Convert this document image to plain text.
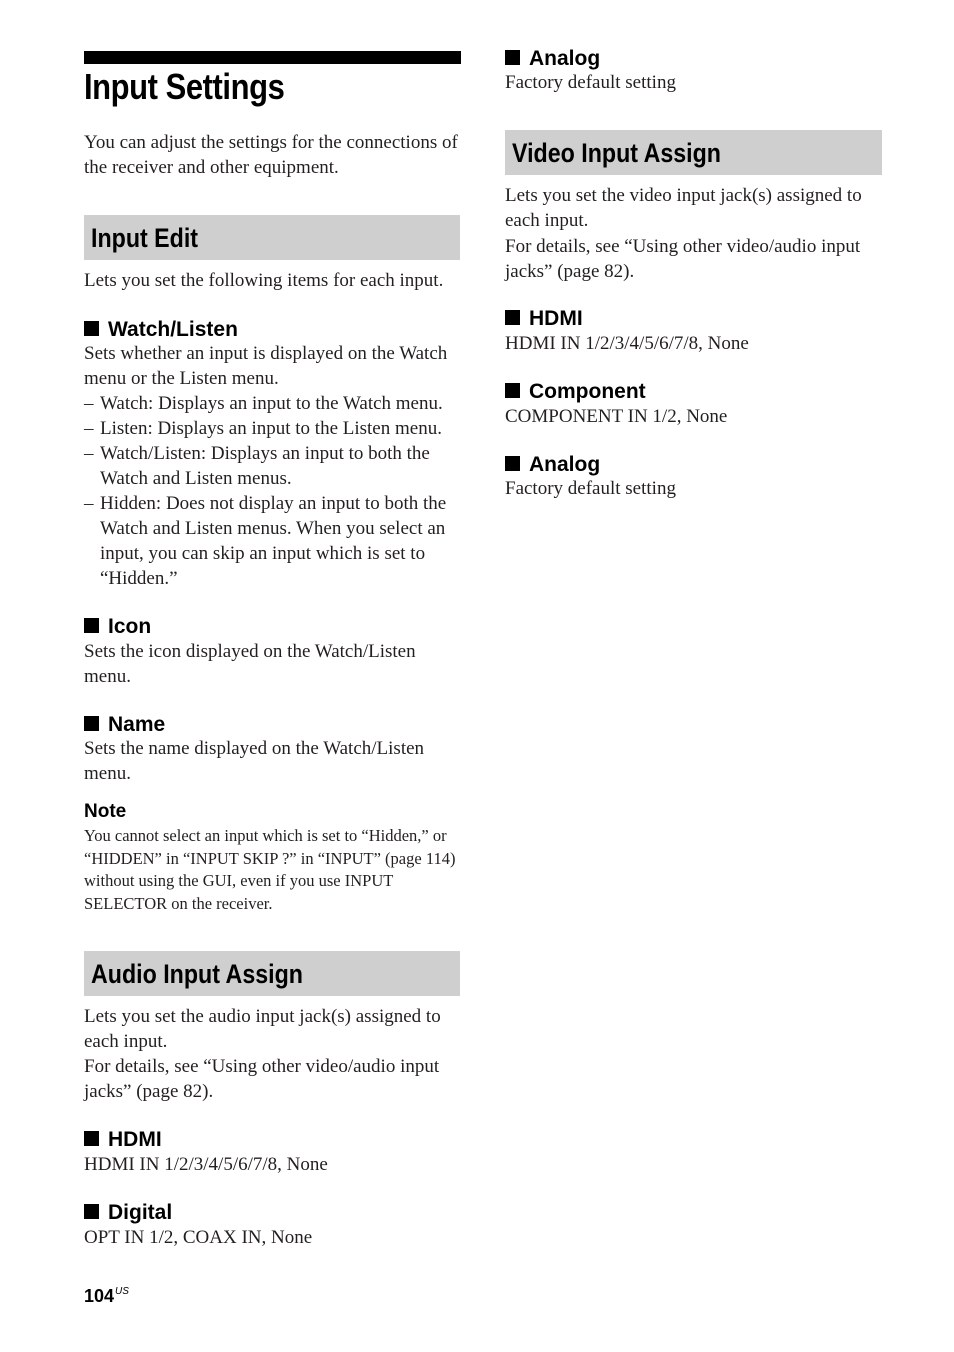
Input Settings

You can adjust the settings for the connections of the receiver and other equipment.

Input Edit

Lets you set the following items for each input.

Watch/Listen

Sets whether an input is displayed on the Watch menu or the Listen menu.

– Watch: Displays an input to the Watch menu.
– Listen: Displays an input to the Listen menu.
– Watch/Listen: Displays an input to both the Watch and Listen menus.
– Hidden: Does not display an input to both the Watch and Listen menus. When you select an input, you can skip an input which is set to “Hidden.”
Icon

Sets the icon displayed on the Watch/Listen menu.

Name

Sets the name displayed on the Watch/Listen menu.

Note

You cannot select an input which is set to “Hidden,” or “HIDDEN” in “INPUT SKIP ?” in “INPUT” (page 114) without using the GUI, even if you use INPUT SELECTOR on the receiver.

Audio Input Assign

Lets you set the audio input jack(s) assigned to each input.

For details, see “Using other video/audio input jacks” (page 82).

HDMI

HDMI IN 1/2/3/4/5/6/7/8, None

Digital

OPT IN 1/2, COAX IN, None

$104^{US}$
Analog

Factory default setting

Video Input Assign

Lets you set the video input jack(s) assigned to each input.

For details, see “Using other video/audio input jacks” (page 82).

HDMI

HDMI IN 1/2/3/4/5/6/7/8, None

Component

COMPONENT IN 1/2, None

Analog

Factory default setting
